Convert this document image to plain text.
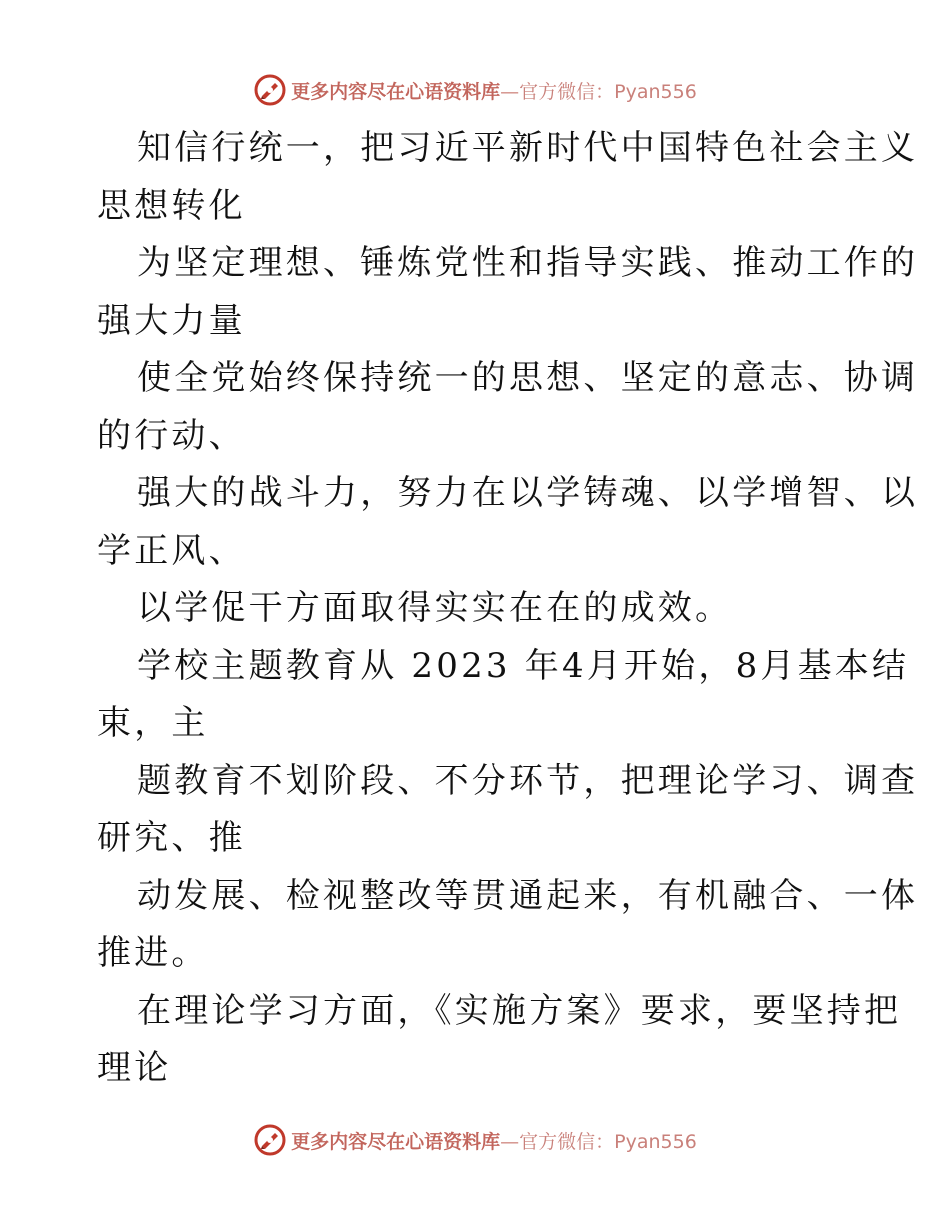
更多内容尽在心语资料库—官方微信：Pyan556
知信行统一，把习近平新时代中国特色社会主义
思想转化
为坚定理想、锤炼党性和指导实践、推动工作的
强大力量
使全党始终保持统一的思想、坚定的意志、协调
的行动、
强大的战斗力，努力在以学铸魂、以学增智、以
学正风、
以学促干方面取得实实在在的成效。
学校主题教育从 2023 年4月开始，8月基本结
束，主
题教育不划阶段、不分环节，把理论学习、调查
研究、推
动发展、检视整改等贯通起来，有机融合、一体
推进。
在理论学习方面，《实施方案》要求，要坚持把
理论
更多内容尽在心语资料库—官方微信：Pyan556
